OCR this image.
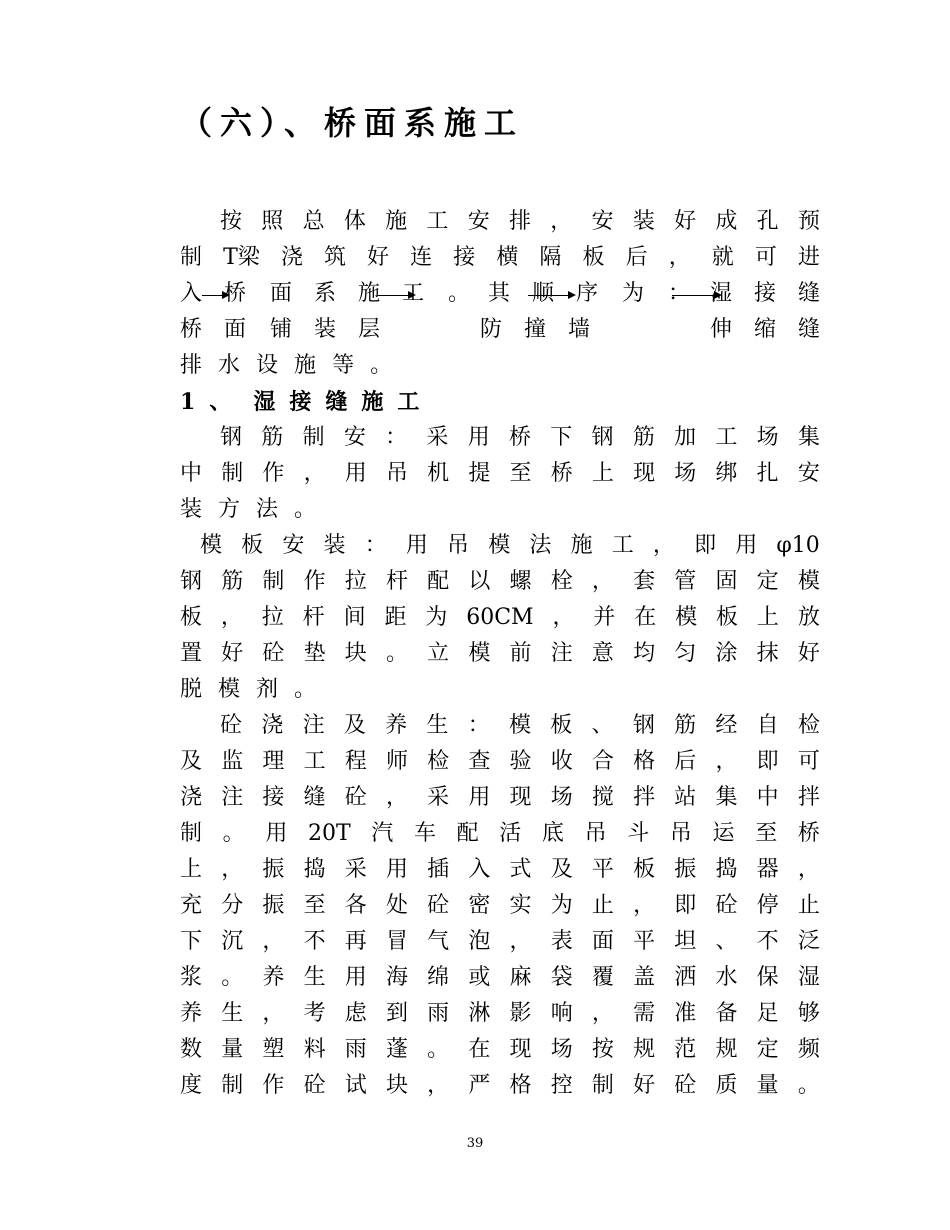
（六）、桥面系施工
按 照 总 体 施 工 安 排 ， 安 装 好 成 孔 预
制 T梁 浇 筑 好 连 接 横 隔 板 后 ， 就 可 进
入 桥 面 系 施 工 。 其 顺 序 为 ： 湿 接 缝
桥 面 铺 装 层	防 撞 墙	伸 缩 缝
排 水 设 施 等 。
1 、 湿 接 缝 施 工
钢 筋 制 安 ： 采 用 桥 下 钢 筋 加 工 场 集
中 制 作 ， 用 吊 机 提 至 桥 上 现 场 绑 扎 安
装 方 法 。
模 板 安 装 ： 用 吊 模 法 施 工 ， 即 用 φ10
钢 筋 制 作 拉 杆 配 以 螺 栓 ， 套 管 固 定 模
板 ， 拉 杆 间 距 为 60CM ， 并 在 模 板 上 放
置 好 砼 垫 块 。 立 模 前 注 意 均 匀 涂 抹 好
脱 模 剂 。
砼 浇 注 及 养 生 ： 模 板 、 钢 筋 经 自 检
及 监 理 工 程 师 检 查 验 收 合 格 后 ， 即 可
浇 注 接 缝 砼 ， 采 用 现 场 搅 拌 站 集 中 拌
制 。 用 20T 汽 车 配 活 底 吊 斗 吊 运 至 桥
上 ， 振 捣 采 用 插 入 式 及 平 板 振 捣 器 ，
充 分 振 至 各 处 砼 密 实 为 止 ， 即 砼 停 止
下 沉 ， 不 再 冒 气 泡 ， 表 面 平 坦 、 不 泛
浆 。 养 生 用 海 绵 或 麻 袋 覆 盖 洒 水 保 湿
养 生 ， 考 虑 到 雨 淋 影 响 ， 需 准 备 足 够
数 量 塑 料 雨 蓬 。 在 现 场 按 规 范 规 定 频
度 制 作 砼 试 块 ， 严 格 控 制 好 砼 质 量 。
39
